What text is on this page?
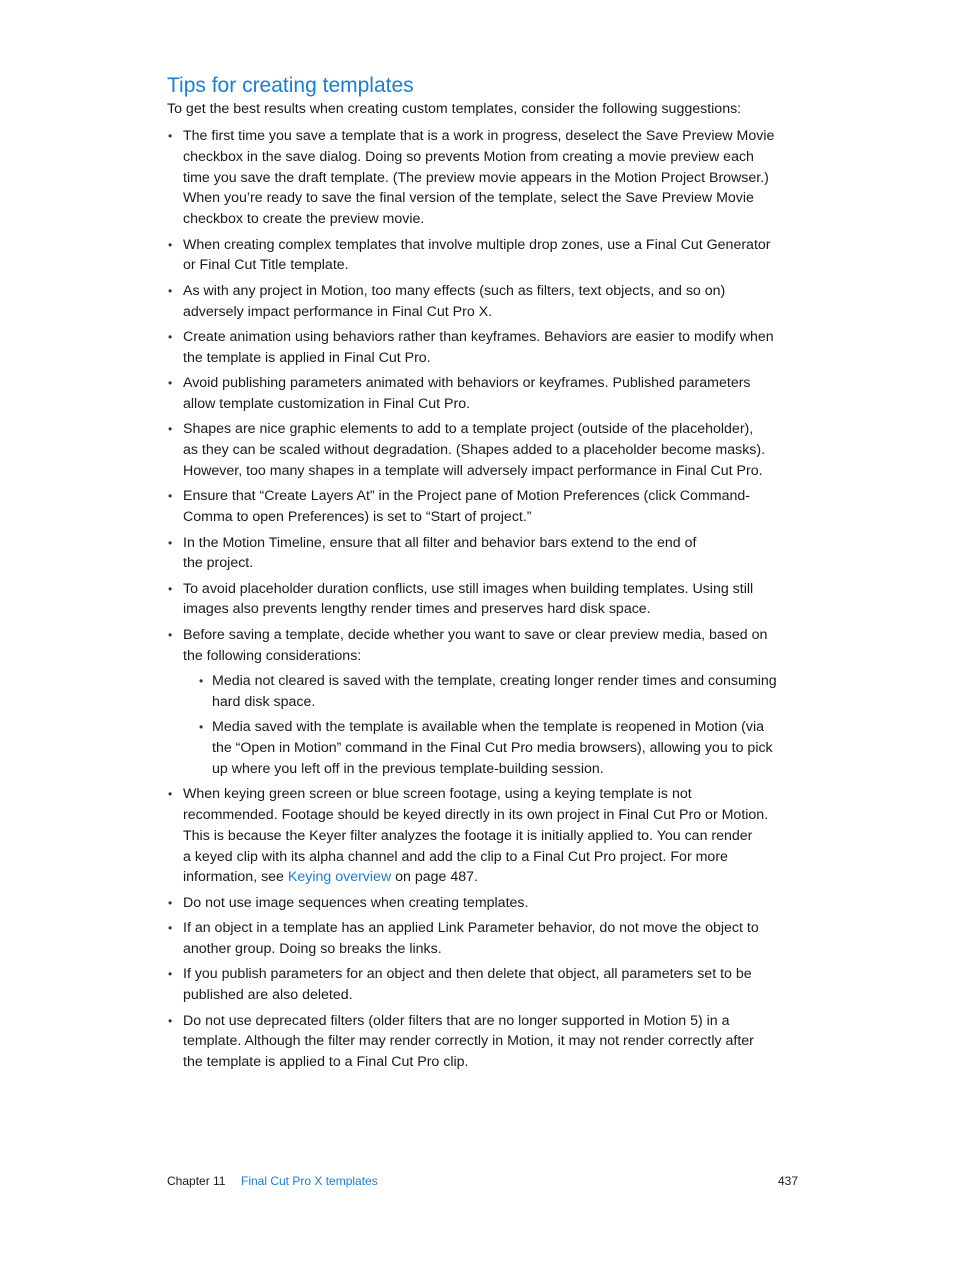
Tips for creating templates

To get the best results when creating custom templates, consider the following suggestions:

• The first time you save a template that is a work in progress, deselect the Save Preview Movie
checkbox in the save dialog. Doing so prevents Motion from creating a movie preview each
time you save the draft template. (The preview movie appears in the Motion Project Browser.)
When you’re ready to save the final version of the template, select the Save Preview Movie
checkbox to create the preview movie.
• When creating complex templates that involve multiple drop zones, use a Final Cut Generator
or Final Cut Title template.
• As with any project in Motion, too many effects (such as filters, text objects, and so on)
adversely impact performance in Final Cut Pro X.
• Create animation using behaviors rather than keyframes. Behaviors are easier to modify when
the template is applied in Final Cut Pro.
• Avoid publishing parameters animated with behaviors or keyframes. Published parameters
allow template customization in Final Cut Pro.
• Shapes are nice graphic elements to add to a template project (outside of the placeholder),
as they can be scaled without degradation. (Shapes added to a placeholder become masks).
However, too many shapes in a template will adversely impact performance in Final Cut Pro.
• Ensure that “Create Layers At” in the Project pane of Motion Preferences (click Command-
Comma to open Preferences) is set to “Start of project.”
• In the Motion Timeline, ensure that all filter and behavior bars extend to the end of
the project.
• To avoid placeholder duration conflicts, use still images when building templates. Using still
images also prevents lengthy render times and preserves hard disk space.
• Before saving a template, decide whether you want to save or clear preview media, based on
the following considerations:
• Media not cleared is saved with the template, creating longer render times and consuming
hard disk space.
• Media saved with the template is available when the template is reopened in Motion (via
the “Open in Motion” command in the Final Cut Pro media browsers), allowing you to pick
up where you left off in the previous template-building session.
• When keying green screen or blue screen footage, using a keying template is not
recommended. Footage should be keyed directly in its own project in Final Cut Pro or Motion.
This is because the Keyer filter analyzes the footage it is initially applied to. You can render
a keyed clip with its alpha channel and add the clip to a Final Cut Pro project. For more
information, see Keying overview on page 487.
• Do not use image sequences when creating templates.
• If an object in a template has an applied Link Parameter behavior, do not move the object to
another group. Doing so breaks the links.
• If you publish parameters for an object and then delete that object, all parameters set to be
published are also deleted.
• Do not use deprecated filters (older filters that are no longer supported in Motion 5) in a
template. Although the filter may render correctly in Motion, it may not render correctly after
the template is applied to a Final Cut Pro clip.
Chapter 11 Final Cut Pro X templates	437
